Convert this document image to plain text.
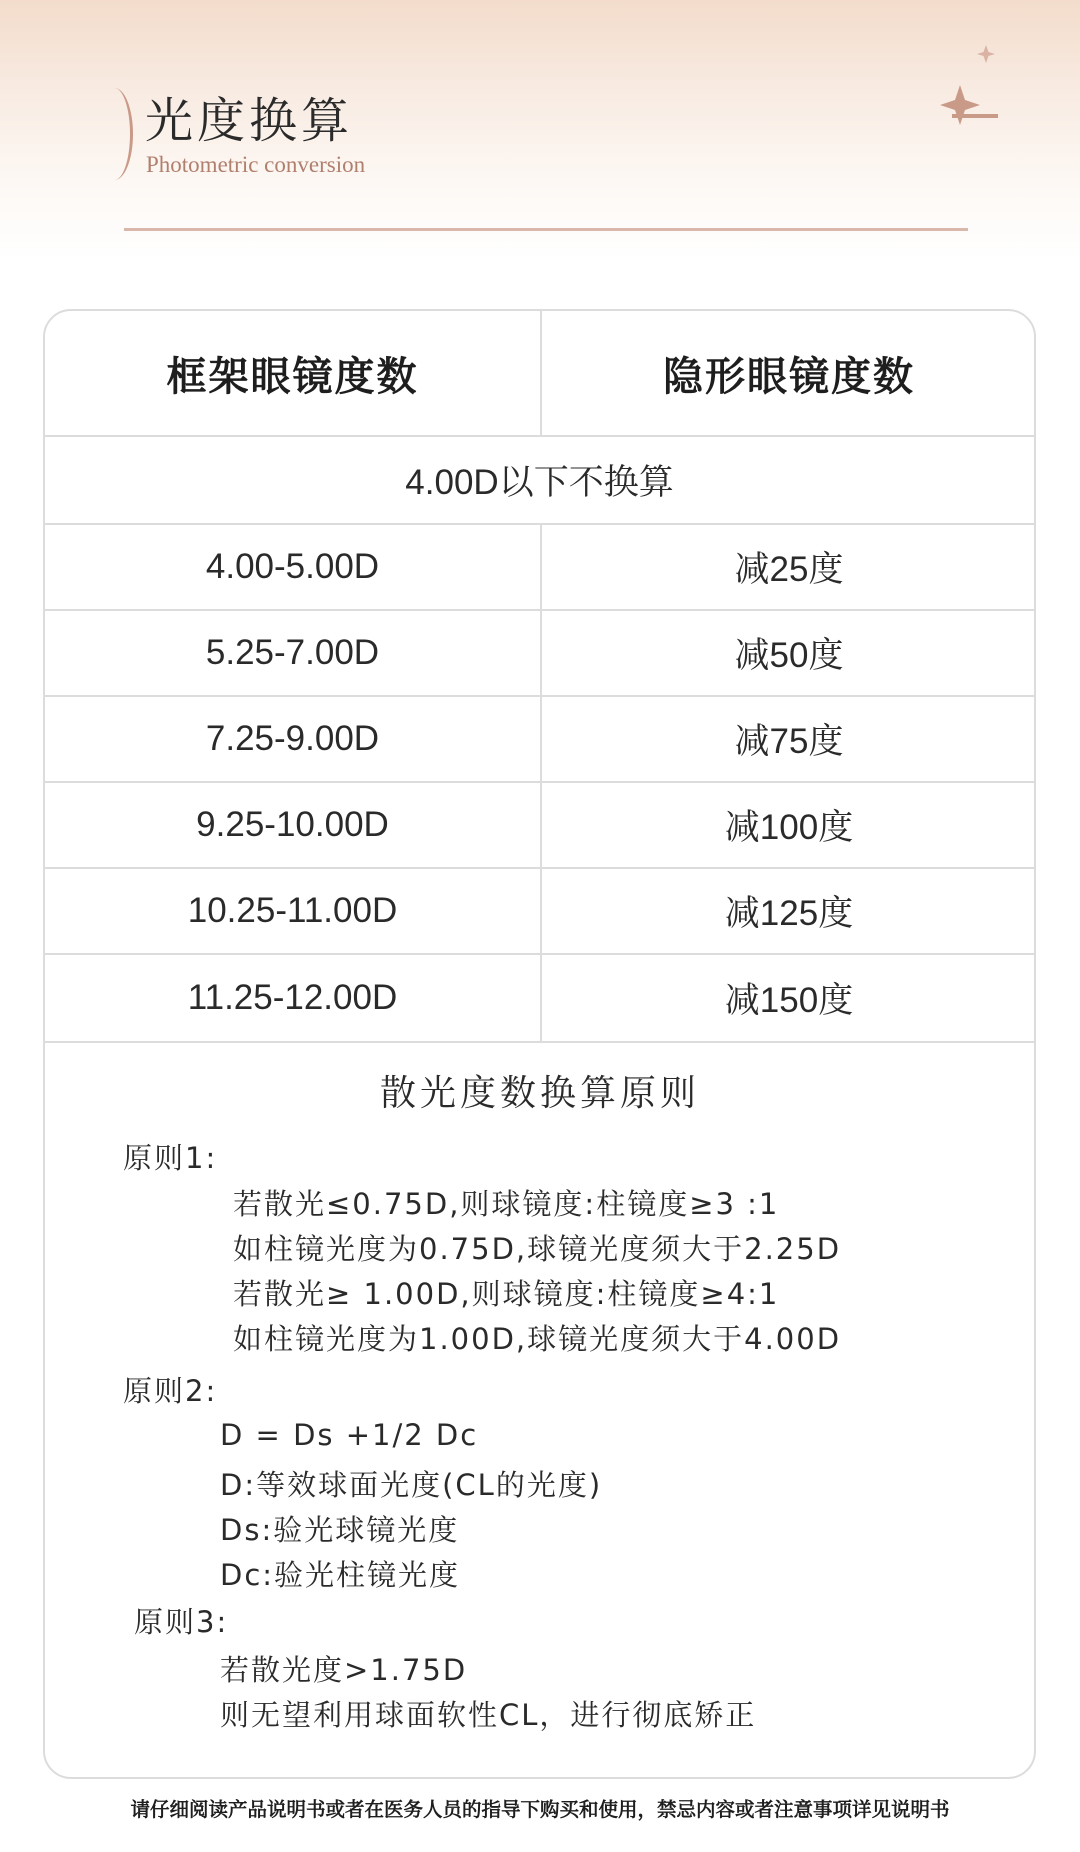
光度换算
Photometric conversion
框架眼镜度数	隐形眼镜度数
4.00D以下不换算
4.00-5.00D	减25度
5.25-7.00D	减50度
7.25-9.00D	减75度
9.25-10.00D	减100度
10.25-11.00D	减125度
11.25-12.00D	减150度
散光度数换算原则
原则1:
若散光≤0.75D,则球镜度:柱镜度≥3 :1
如柱镜光度为0.75D,球镜光度须大于2.25D
若散光≥ 1.00D,则球镜度:柱镜度≥4:1
如柱镜光度为1.00D,球镜光度须大于4.00D
原则2:
D = Ds +1/2 Dc
D:等效球面光度(CL的光度)
Ds:验光球镜光度
Dc:验光柱镜光度
原则3:
若散光度>1.75D
则无望利用球面软性CL，进行彻底矫正
请仔细阅读产品说明书或者在医务人员的指导下购买和使用，禁忌内容或者注意事项详见说明书
